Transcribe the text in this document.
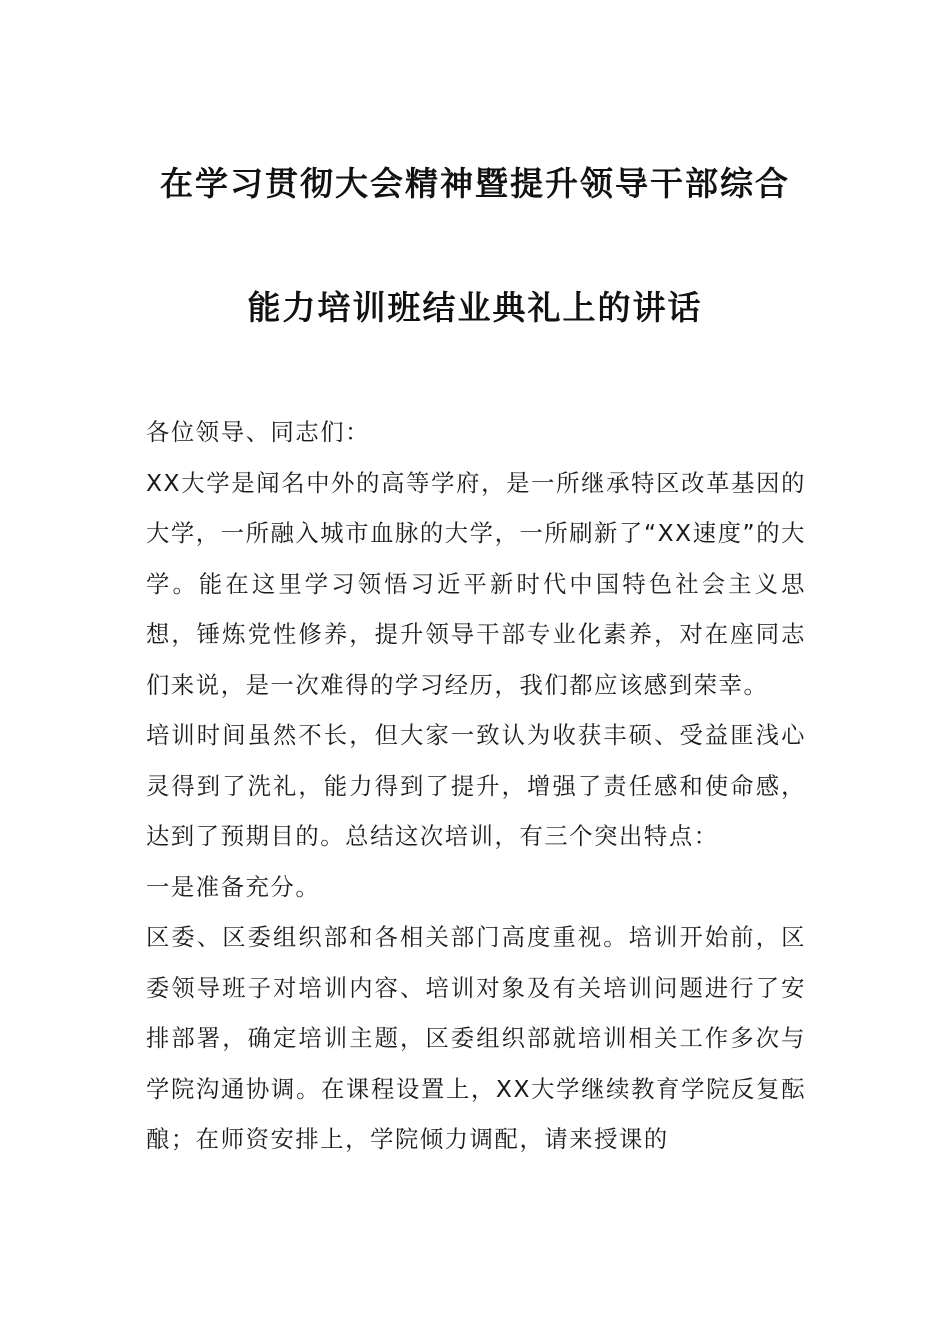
在学习贯彻大会精神暨提升领导干部综合
能力培训班结业典礼上的讲话

各位领导、同志们：

XX大学是闻名中外的高等学府，是一所继承特区改革基因的大学，一所融入城市血脉的大学，一所刷新了“XX速度”的大学。能在这里学习领悟习近平新时代中国特色社会主义思想，锤炼党性修养，提升领导干部专业化素养，对在座同志们来说，是一次难得的学习经历，我们都应该感到荣幸。

培训时间虽然不长，但大家一致认为收获丰硕、受益匪浅心灵得到了洗礼，能力得到了提升，增强了责任感和使命感，达到了预期目的。总结这次培训，有三个突出特点：

一是准备充分。

区委、区委组织部和各相关部门高度重视。培训开始前，区委领导班子对培训内容、培训对象及有关培训问题进行了安排部署，确定培训主题，区委组织部就培训相关工作多次与学院沟通协调。在课程设置上，XX大学继续教育学院反复酝酿；在师资安排上，学院倾力调配，请来授课的
